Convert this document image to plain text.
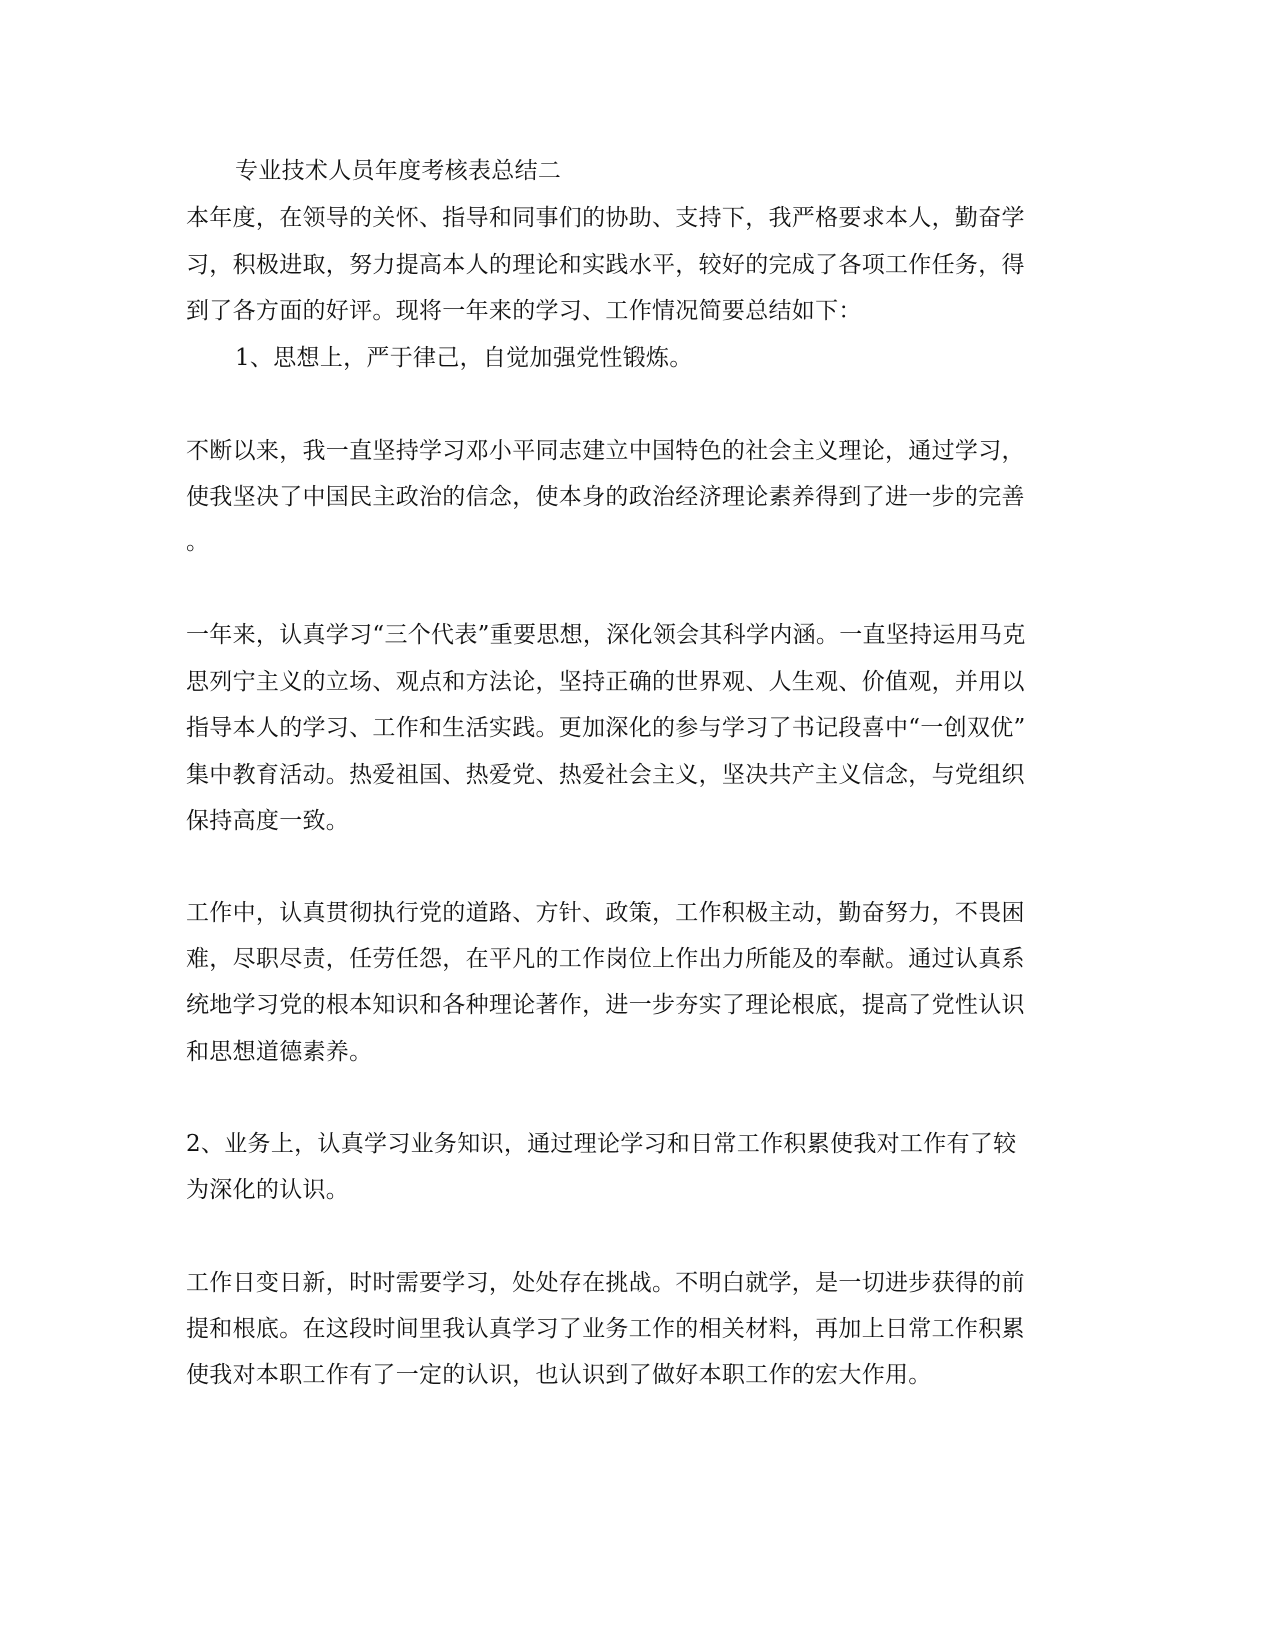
专业技术人员年度考核表总结二
本年度，在领导的关怀、指导和同事们的协助、支持下，我严格要求本人，勤奋学
习，积极进取，努力提高本人的理论和实践水平，较好的完成了各项工作任务，得
到了各方面的好评。现将一年来的学习、工作情况简要总结如下：
1、思想上，严于律己，自觉加强党性锻炼。
不断以来，我一直坚持学习邓小平同志建立中国特色的社会主义理论，通过学习，
使我坚决了中国民主政治的信念，使本身的政治经济理论素养得到了进一步的完善
。
一年来，认真学习“三个代表”重要思想，深化领会其科学内涵。一直坚持运用马克
思列宁主义的立场、观点和方法论，坚持正确的世界观、人生观、价值观，并用以
指导本人的学习、工作和生活实践。更加深化的参与学习了书记段喜中“一创双优”
集中教育活动。热爱祖国、热爱党、热爱社会主义，坚决共产主义信念，与党组织
保持高度一致。
工作中，认真贯彻执行党的道路、方针、政策，工作积极主动，勤奋努力，不畏困
难，尽职尽责，任劳任怨，在平凡的工作岗位上作出力所能及的奉献。通过认真系
统地学习党的根本知识和各种理论著作，进一步夯实了理论根底，提高了党性认识
和思想道德素养。
2、业务上，认真学习业务知识，通过理论学习和日常工作积累使我对工作有了较
为深化的认识。
工作日变日新，时时需要学习，处处存在挑战。不明白就学，是一切进步获得的前
提和根底。在这段时间里我认真学习了业务工作的相关材料，再加上日常工作积累
使我对本职工作有了一定的认识，也认识到了做好本职工作的宏大作用。
